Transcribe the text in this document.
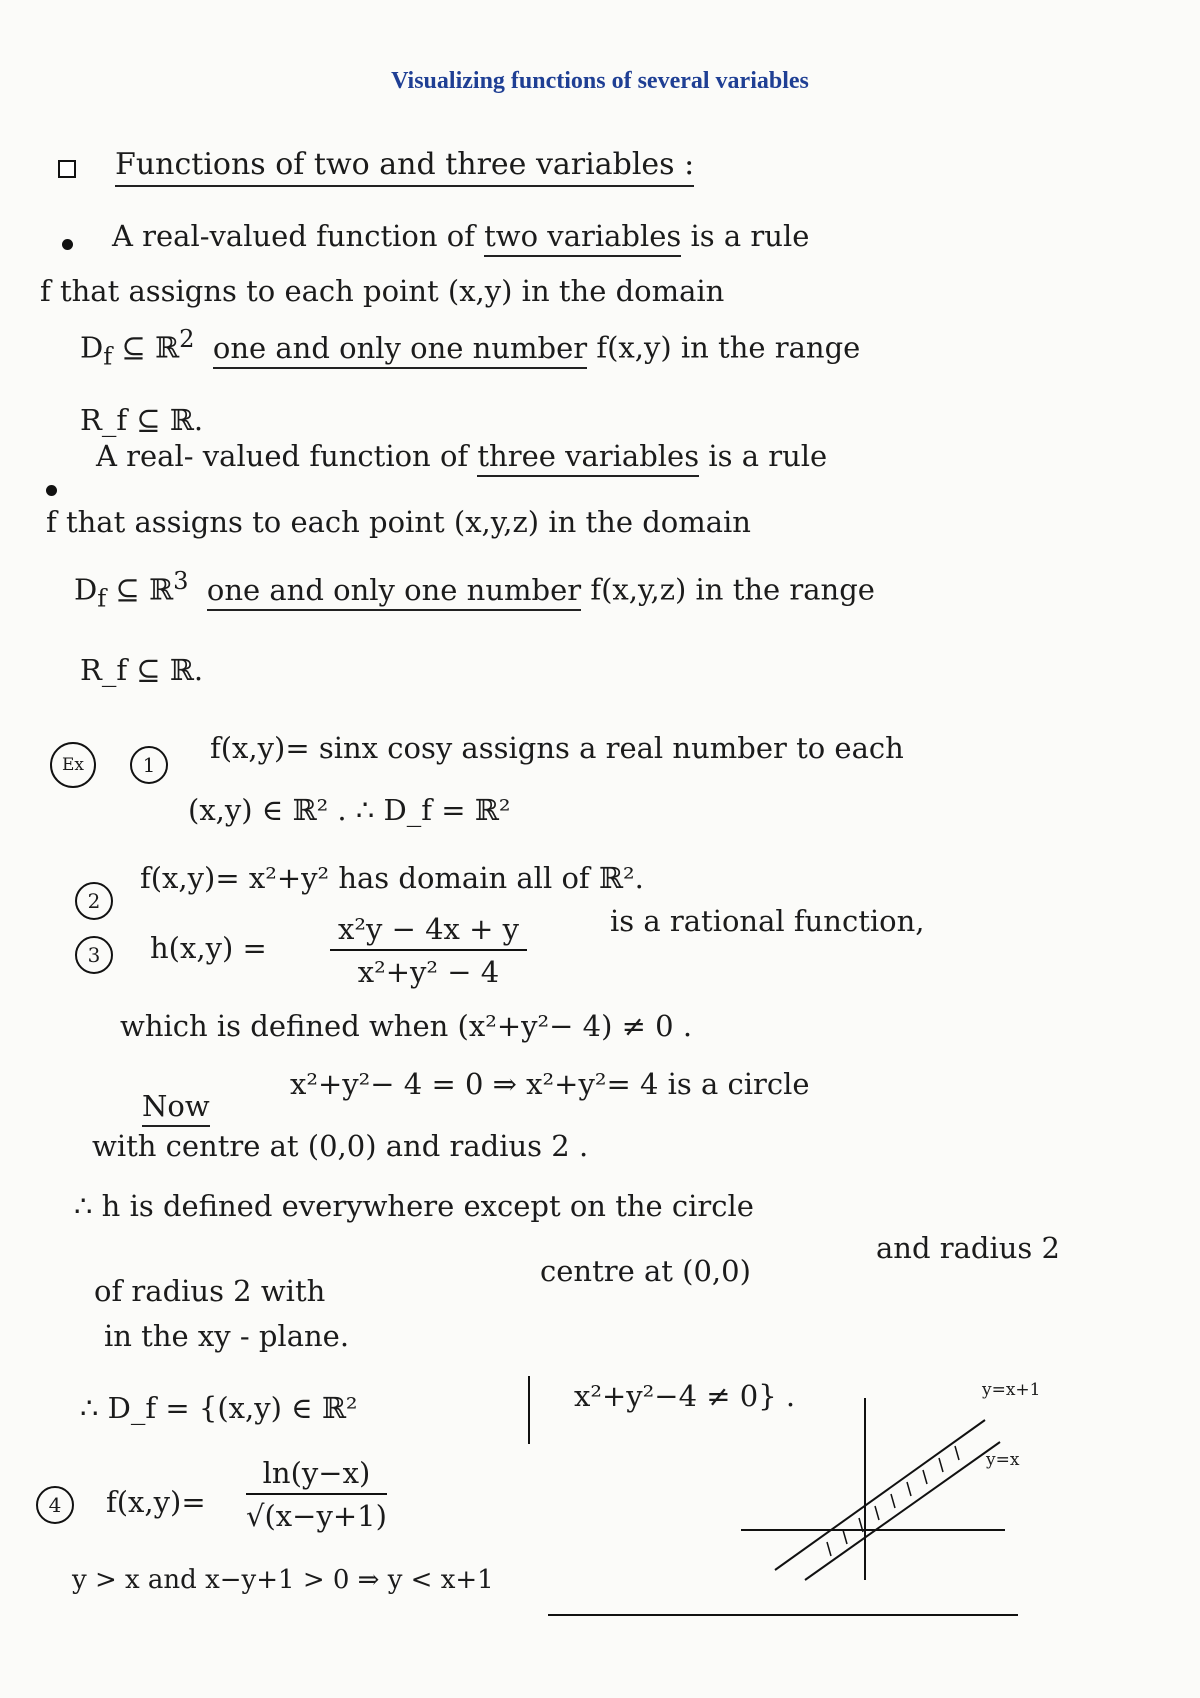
Visualizing functions of several variables
Functions of two and three variables :
A real-valued function of two variables is a rule
f that assigns to each point (x,y) in the domain
$D_f$ ⊆ ℝ$^2$ one and only one number f(x,y) in the range
R_f ⊆ ℝ.
A real- valued function of three variables is a rule
f that assigns to each point (x,y,z) in the domain
$D_f$ ⊆ ℝ$^3$ one and only one number f(x,y,z) in the range
R_f ⊆ ℝ.
Ex	1	f(x,y)= sinx cosy assigns a real number to each
(x,y) ∈ ℝ² . ∴ D_f = ℝ²
2
f(x,y)= x²+y² has domain all of ℝ².
3	$h(x,y) = \frac{\text{x²y − 4x + y}}{\text{x²+y² − 4}}$	is a rational function,
which is defined when (x²+y²− 4) ≠ 0 .
Now
x²+y²− 4 = 0 ⇒ x²+y²= 4 is a circle
with centre at (0,0) and radius 2 .
∴ h is defined everywhere except on the circle
of radius 2 with
centre at (0,0)
and radius 2
in the xy - plane.
∴ D_f = {(x,y) ∈ ℝ²	x²+y²−4 ≠ 0} .
4	$f(x,y)= \frac{\ln(y-x)}{√(x-y+1)}$
y > x and x−y+1 > 0 ⇒ y < x+1
y=x+1
y=x
